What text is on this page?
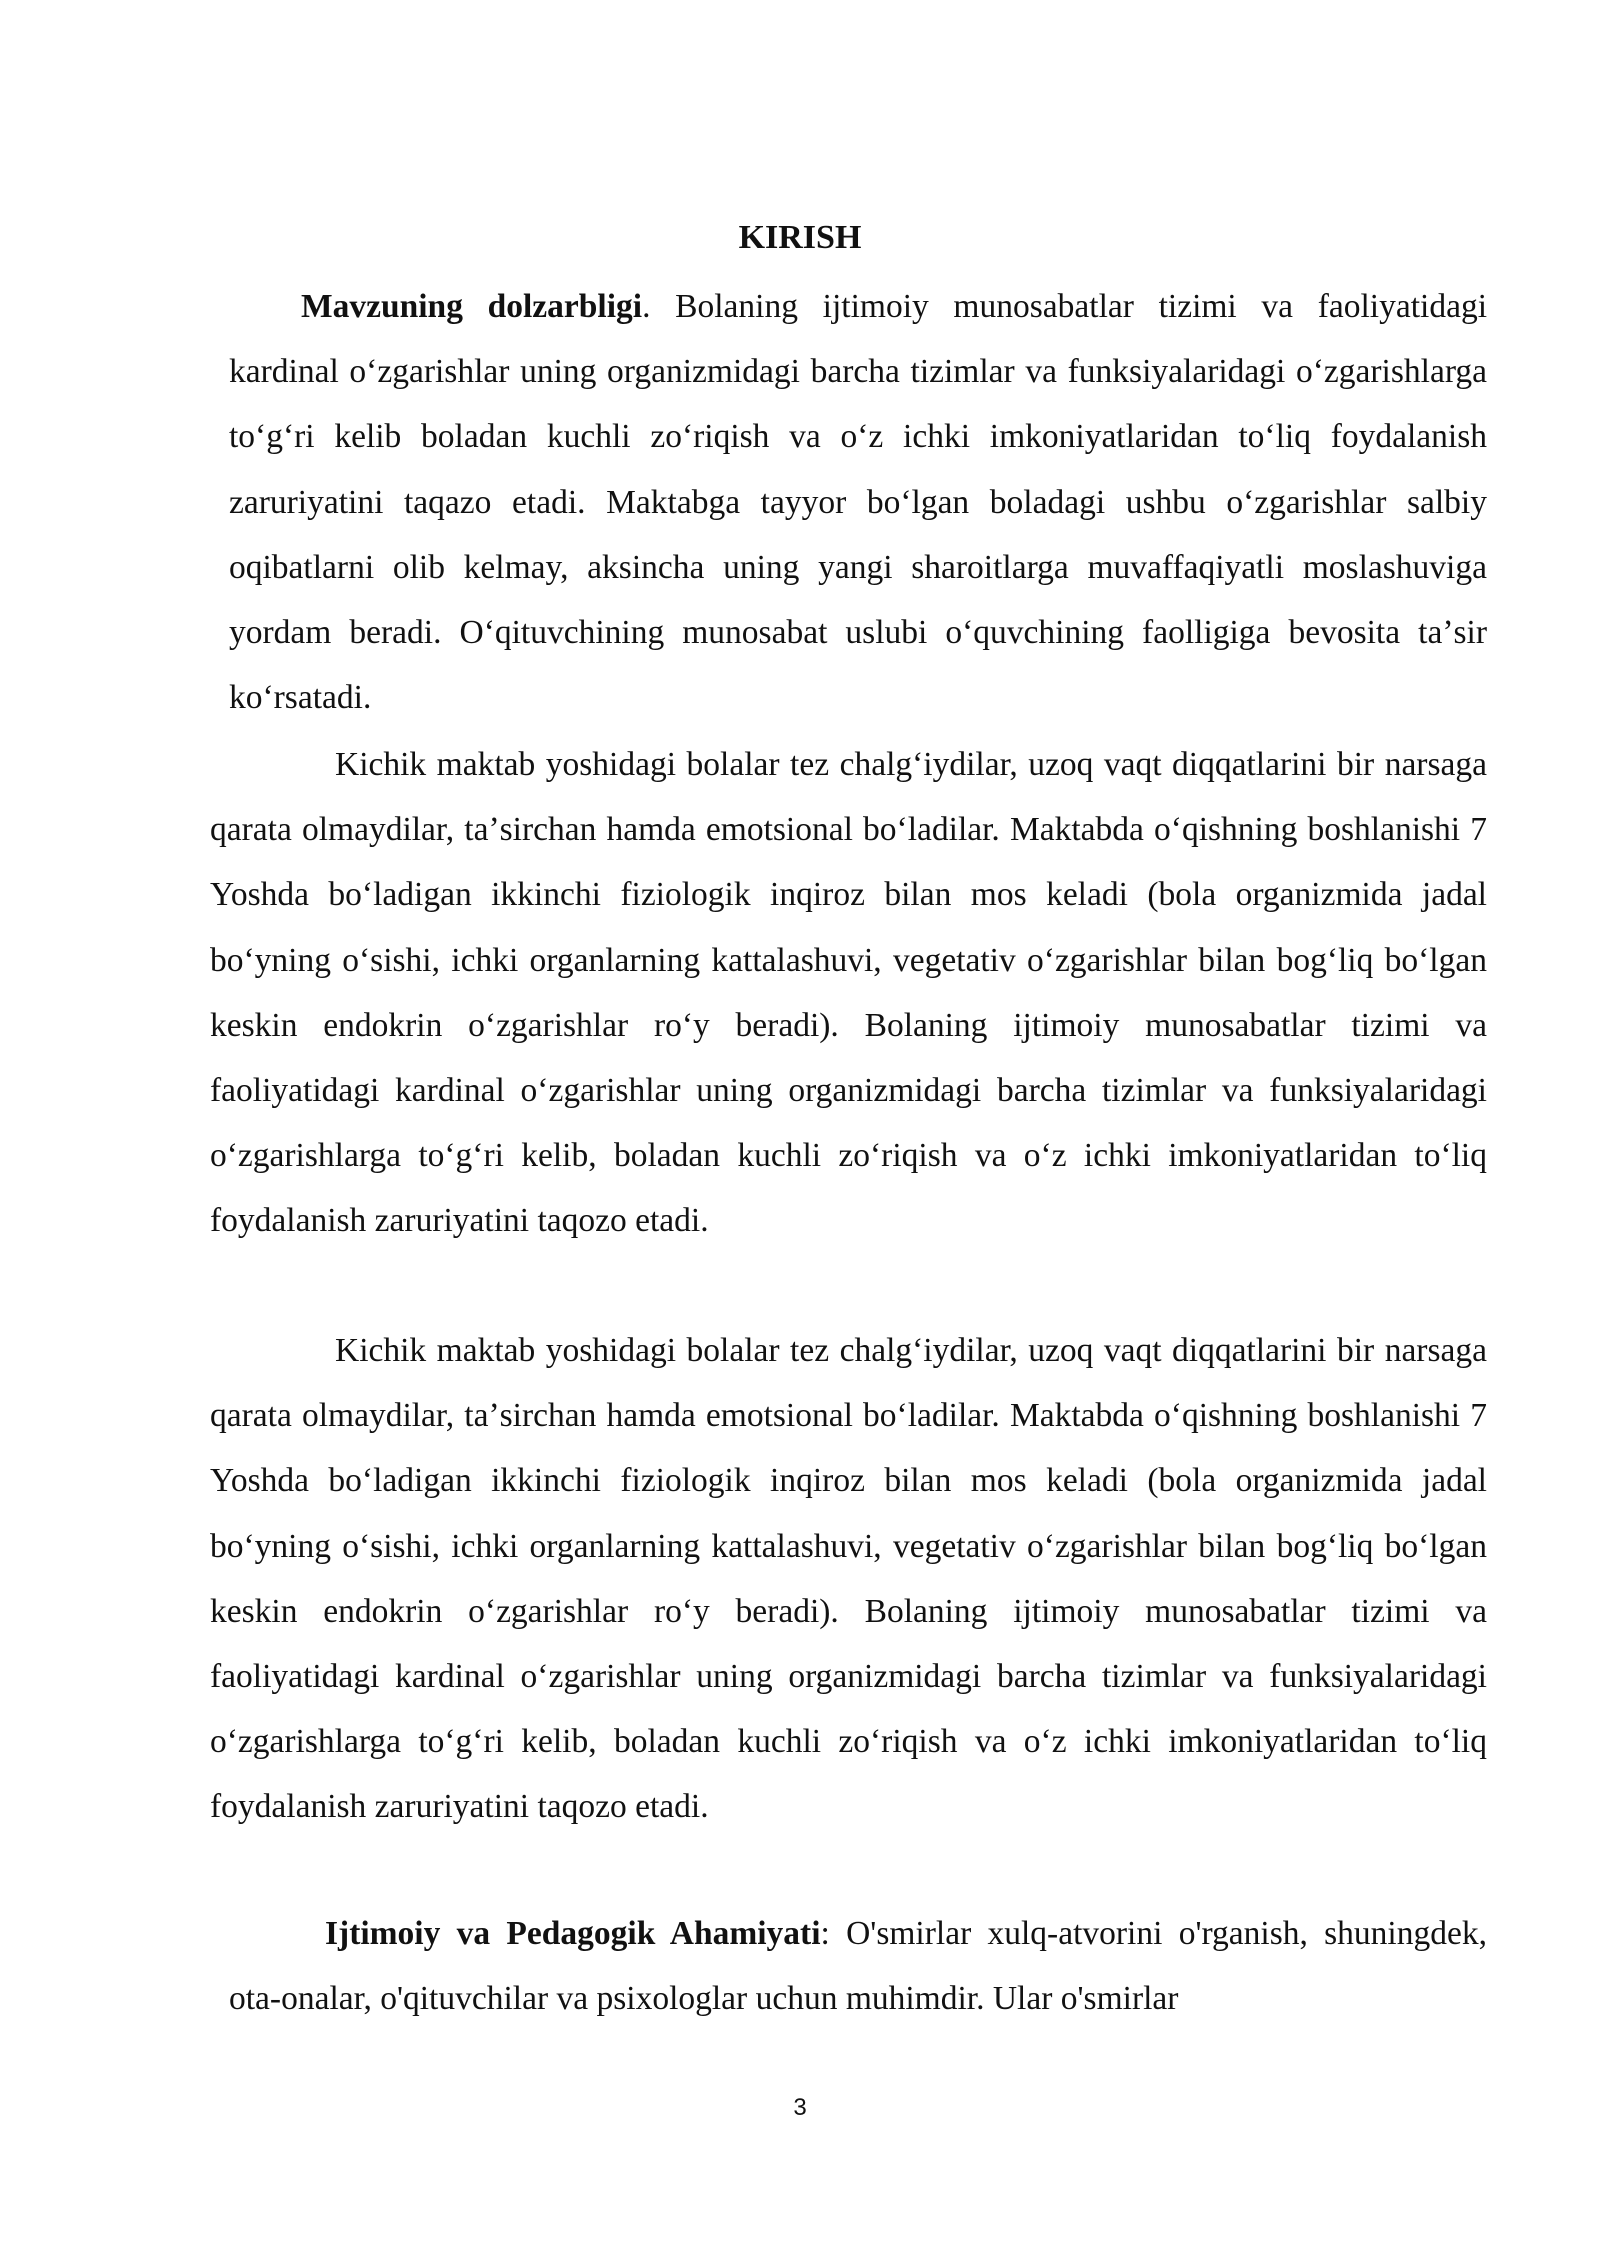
KIRISH

Mavzuning dolzarbligi. Bolaning ijtimoiy munosabatlar tizimi va faoliyatidagi kardinal oʻzgarishlar uning organizmidagi barcha tizimlar va funksiyalaridagi oʻzgarishlarga toʻgʻri kelib boladan kuchli zoʻriqish va oʻz ichki imkoniyatlaridan toʻliq foydalanish zaruriyatini taqazo etadi. Maktabga tayyor boʻlgan boladagi ushbu oʻzgarishlar salbiy oqibatlarni olib kelmay, aksincha uning yangi sharoitlarga muvaffaqiyatli moslashuviga yordam beradi. Oʻqituvchining munosabat uslubi oʻquvchining faolligiga bevosita taʼsir koʻrsatadi.

Kichik maktab yoshidagi bolalar tez chalgʻiydilar, uzoq vaqt diqqatlarini bir narsaga qarata olmaydilar, taʼsirchan hamda emotsional boʻladilar. Maktabda oʻqishning boshlanishi 7 Yoshda boʻladigan ikkinchi fiziologik inqiroz bilan mos keladi (bola organizmida jadal boʻyning oʻsishi, ichki organlarning kattalashuvi, vegetativ oʻzgarishlar bilan bogʻliq boʻlgan keskin endokrin oʻzgarishlar roʻy beradi). Bolaning ijtimoiy munosabatlar tizimi va faoliyatidagi kardinal oʻzgarishlar uning organizmidagi barcha tizimlar va funksiyalaridagi oʻzgarishlarga toʻgʻri kelib, boladan kuchli zoʻriqish va oʻz ichki imkoniyatlaridan toʻliq foydalanish zaruriyatini taqozo etadi.

Kichik maktab yoshidagi bolalar tez chalgʻiydilar, uzoq vaqt diqqatlarini bir narsaga qarata olmaydilar, taʼsirchan hamda emotsional boʻladilar. Maktabda oʻqishning boshlanishi 7 Yoshda boʻladigan ikkinchi fiziologik inqiroz bilan mos keladi (bola organizmida jadal boʻyning oʻsishi, ichki organlarning kattalashuvi, vegetativ oʻzgarishlar bilan bogʻliq boʻlgan keskin endokrin oʻzgarishlar roʻy beradi). Bolaning ijtimoiy munosabatlar tizimi va faoliyatidagi kardinal oʻzgarishlar uning organizmidagi barcha tizimlar va funksiyalaridagi oʻzgarishlarga toʻgʻri kelib, boladan kuchli zoʻriqish va oʻz ichki imkoniyatlaridan toʻliq foydalanish zaruriyatini taqozo etadi.

Ijtimoiy va Pedagogik Ahamiyati: O'smirlar xulq-atvorini o'rganish, shuningdek, ota-onalar, o'qituvchilar va psixologlar uchun muhimdir. Ular o'smirlar

3
